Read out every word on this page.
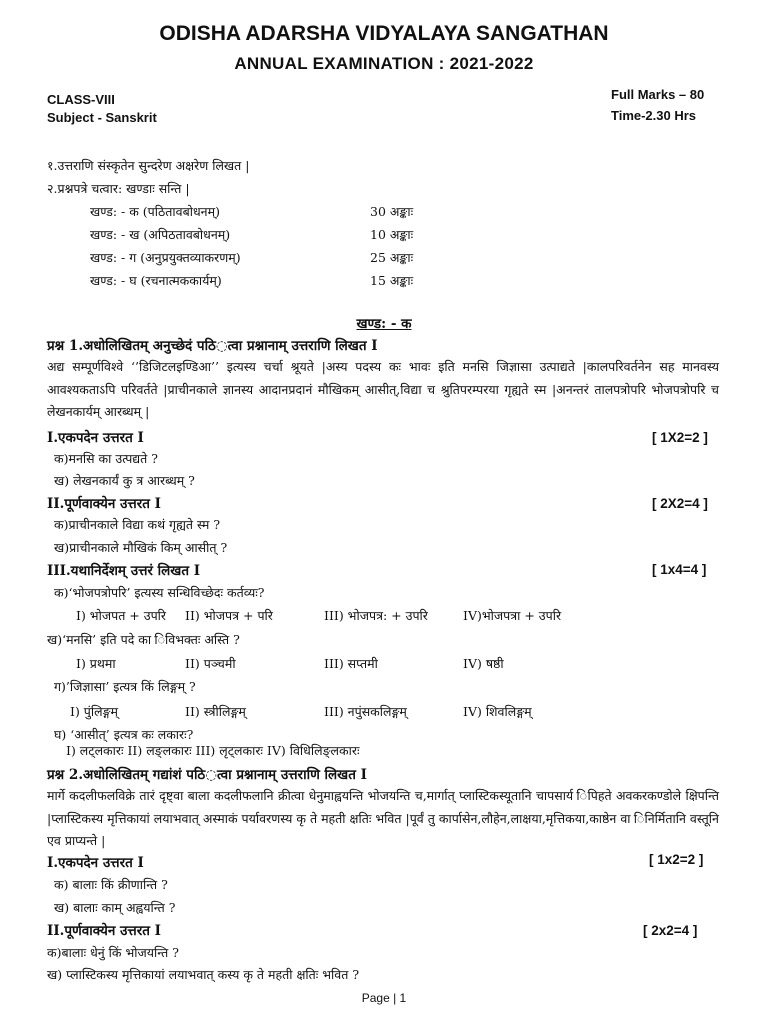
ODISHA ADARSHA VIDYALAYA SANGATHAN
ANNUAL EXAMINATION : 2021-2022
CLASS-VIII
Subject - Sanskrit
Full Marks – 80
Time-2.30 Hrs
१.उत्तराणि संस्कृतेन सुन्दरेण अक्षरेण लिखत |
२.प्रश्नपत्रे चत्वार: खण्डाः सन्ति |
खण्ड: - क (पठितावबोधनम्)	30 अङ्काः
खण्ड: - ख (अपिठतावबोधनम्)	10 अङ्काः
खण्ड: - ग (अनुप्रयुक्तव्याकरणम्)	25 अङ्काः
खण्ड: - घ (रचनात्मककार्यम्)	15 अङ्काः
खण्ड: - क
प्रश्न 1.अधोलिखितम् अनुच्छेदं पठि◌त्वा प्रश्नानाम् उत्तराणि लिखत I
अद्य सम्पूर्णविश्वे ‘’डिजिटलइण्डिआ’’ इत्यस्य चर्चा श्रूयते |अस्य पदस्य कः भावः इति मनसि जिज्ञासा उत्पाद्यते |कालपरिवर्तनेन सह मानवस्य आवश्यकताऽपि परिवर्तते |प्राचीनकाले ज्ञानस्य आदानप्रदानं मौखिकम् आसीत्,विद्या च श्रुतिपरम्परया गृह्यते स्म |अनन्तरं तालपत्रोपरि भोजपत्रोपरि च लेखनकार्यम् आरब्धम् |
I.एकपदेन उत्तरत I	[ 1X2=2 ]
क)मनसि का उत्पद्यते ?
ख) लेखनकार्यं कु त्र आरब्धम् ?
II.पूर्णवाक्येन उत्तरत I	[ 2X2=4 ]
क)प्राचीनकाले विद्या कथं गृह्यते स्म ?
ख)प्राचीनकाले मौखिकं किम् आसीत् ?
III.यथानिर्देशम् उत्तरं लिखत I	[ 1x4=4 ]
क)‘भोजपत्रोपरि’ इत्यस्य सन्धिविच्छेदः कर्तव्यः?
I) भोजपत + उपरि II) भोजपत्र + परि	III) भोजपत्र: + उपरि	IV)भोजपत्रा + उपरि
ख)‘मनसि’ इति पदे का िविभक्तः अस्ति ?
I) प्रथमा	II) पञ्चमी	III) सप्तमी	IV) षष्ठी
ग)’जिज्ञासा’ इत्यत्र किं लिङ्गम् ?
I) पुंलिङ्गम्	II) स्त्रीलिङ्गम्	III) नपुंसकलिङ्गम्	IV) शिवलिङ्गम्
घ) ‘आसीत्’ इत्यत्र कः लकारः?
I) लट्लकारः II) लङ्लकारः III) लृट्लकारः IV) विधिलिङ्लकारः
प्रश्न 2.अधोलिखितम् गद्यांशं पठि◌त्वा प्रश्नानाम् उत्तराणि लिखत I
मार्गे कदलीफलविक्रे तारं दृष्ट्वा बाला कदलीफलानि क्रीत्वा धेनुमाह्वयन्ति भोजयन्ति च,मार्गात् प्लास्टिकस्यूतानि चापसार्य िपिहते अवकरकण्डोले क्षिपन्ति |प्लास्टिकस्य मृत्तिकायां लयाभवात् अस्माकं पर्यावरणस्य कृ ते महती क्षतिः भवित |पूर्वं तु कार्पासेन,लौहेन,लाक्षया,मृत्तिकया,काष्ठेन वा िनिर्मितानि वस्तूनि एव प्राप्यन्ते |
I.एकपदेन उत्तरत I	[ 1x2=2 ]
क) बालाः किं क्रीणान्ति ?
ख) बालाः काम् अह्वयन्ति ?
II.पूर्णवाक्येन उत्तरत I	[ 2x2=4 ]
क)बालाः धेनुं किं भोजयन्ति ?
ख) प्लास्टिकस्य मृत्तिकायां लयाभवात् कस्य कृ ते महती क्षतिः भवित ?
Page | 1
